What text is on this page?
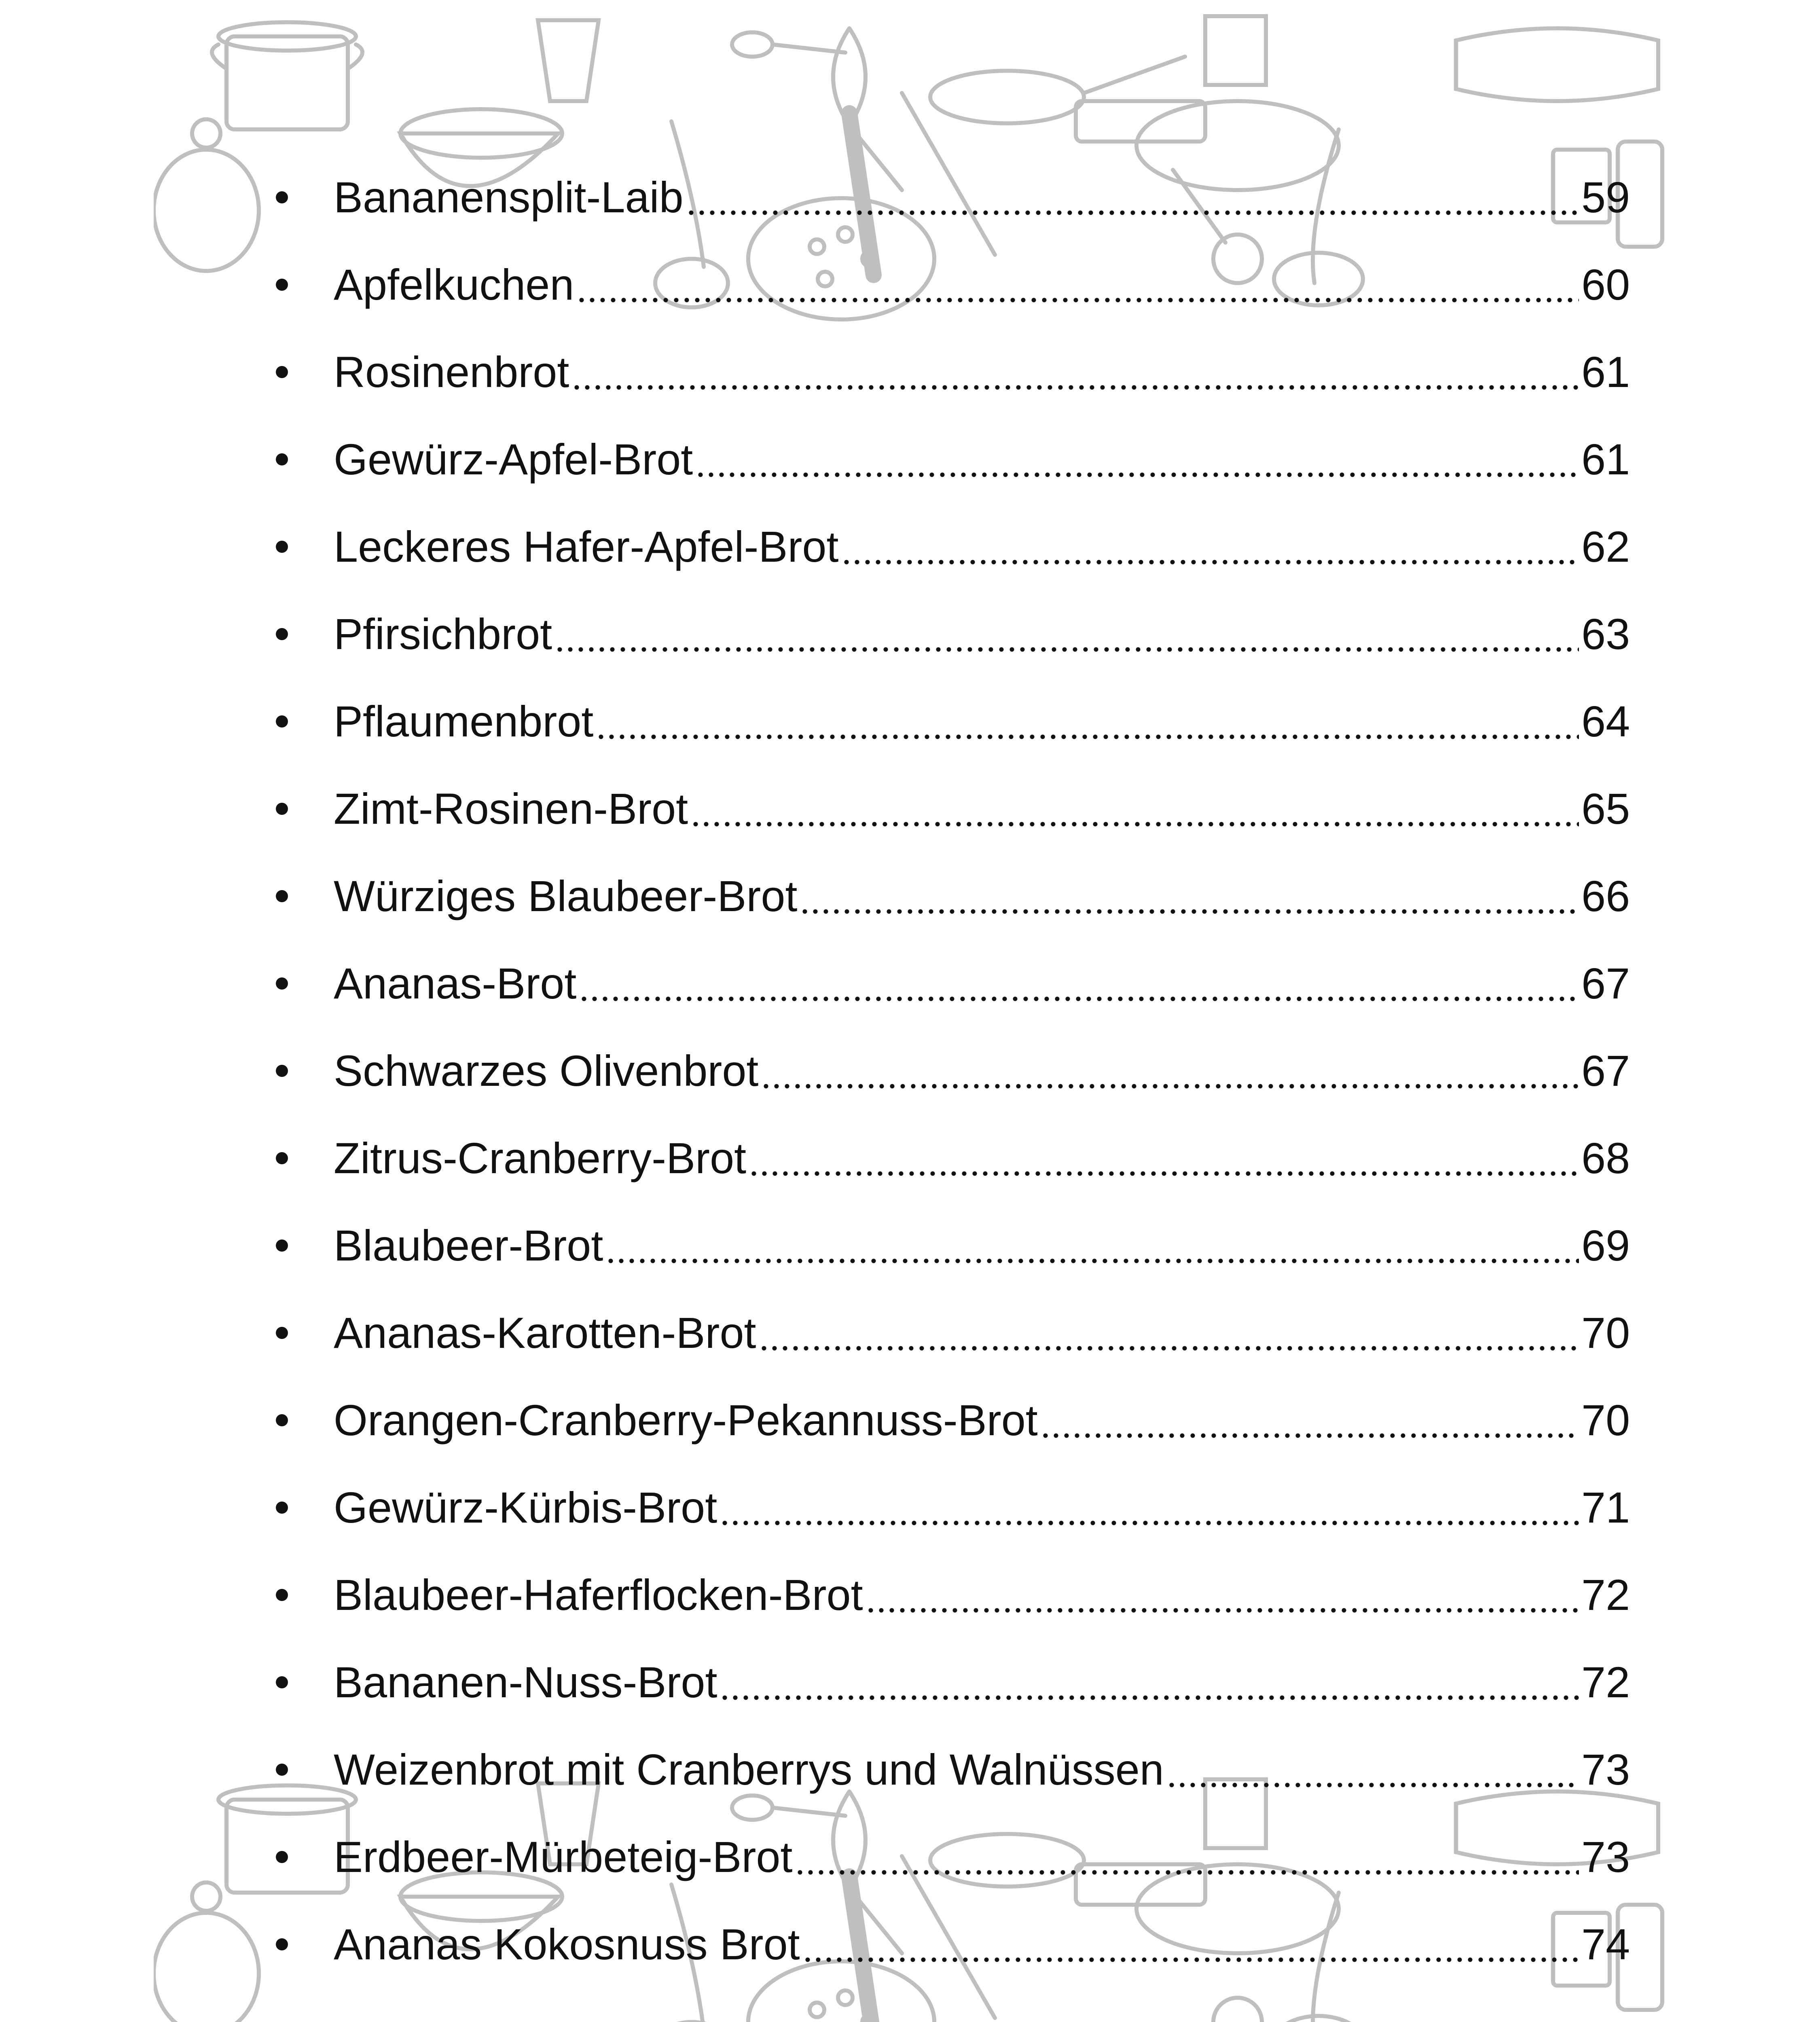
Bananensplit-Laib	59
Apfelkuchen	60
Rosinenbrot	61
Gewürz-Apfel-Brot	61
Leckeres Hafer-Apfel-Brot	62
Pfirsichbrot	63
Pflaumenbrot	64
Zimt-Rosinen-Brot	65
Würziges Blaubeer-Brot	66
Ananas-Brot	67
Schwarzes Olivenbrot	67
Zitrus-Cranberry-Brot	68
Blaubeer-Brot	69
Ananas-Karotten-Brot	70
Orangen-Cranberry-Pekannuss-Brot	70
Gewürz-Kürbis-Brot	71
Blaubeer-Haferflocken-Brot	72
Bananen-Nuss-Brot	72
Weizenbrot mit Cranberrys und Walnüssen	73
Erdbeer-Mürbeteig-Brot	73
Ananas Kokosnuss Brot	74
